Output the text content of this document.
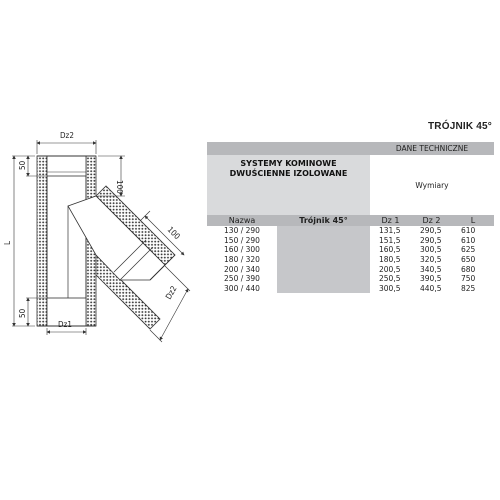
Dz2
Dz1
50
50
L
100
100
Dz2
TRÓJNIK 45°
		DANE TECHNICZNE		

SYSTEMY KOMINOWE
DWUŚCIENNE IZOLOWANE		Wymiary		
Nazwa	Trójnik 45°	Dz 1	Dz 2	L
130 / 290		131,5	290,5	610
150 / 290		151,5	290,5	610
160 / 300		160,5	300,5	625
180 / 320		180,5	320,5	650
200 / 340		200,5	340,5	680
250 / 390		250,5	390,5	750
300 / 440		300,5	440,5	825
